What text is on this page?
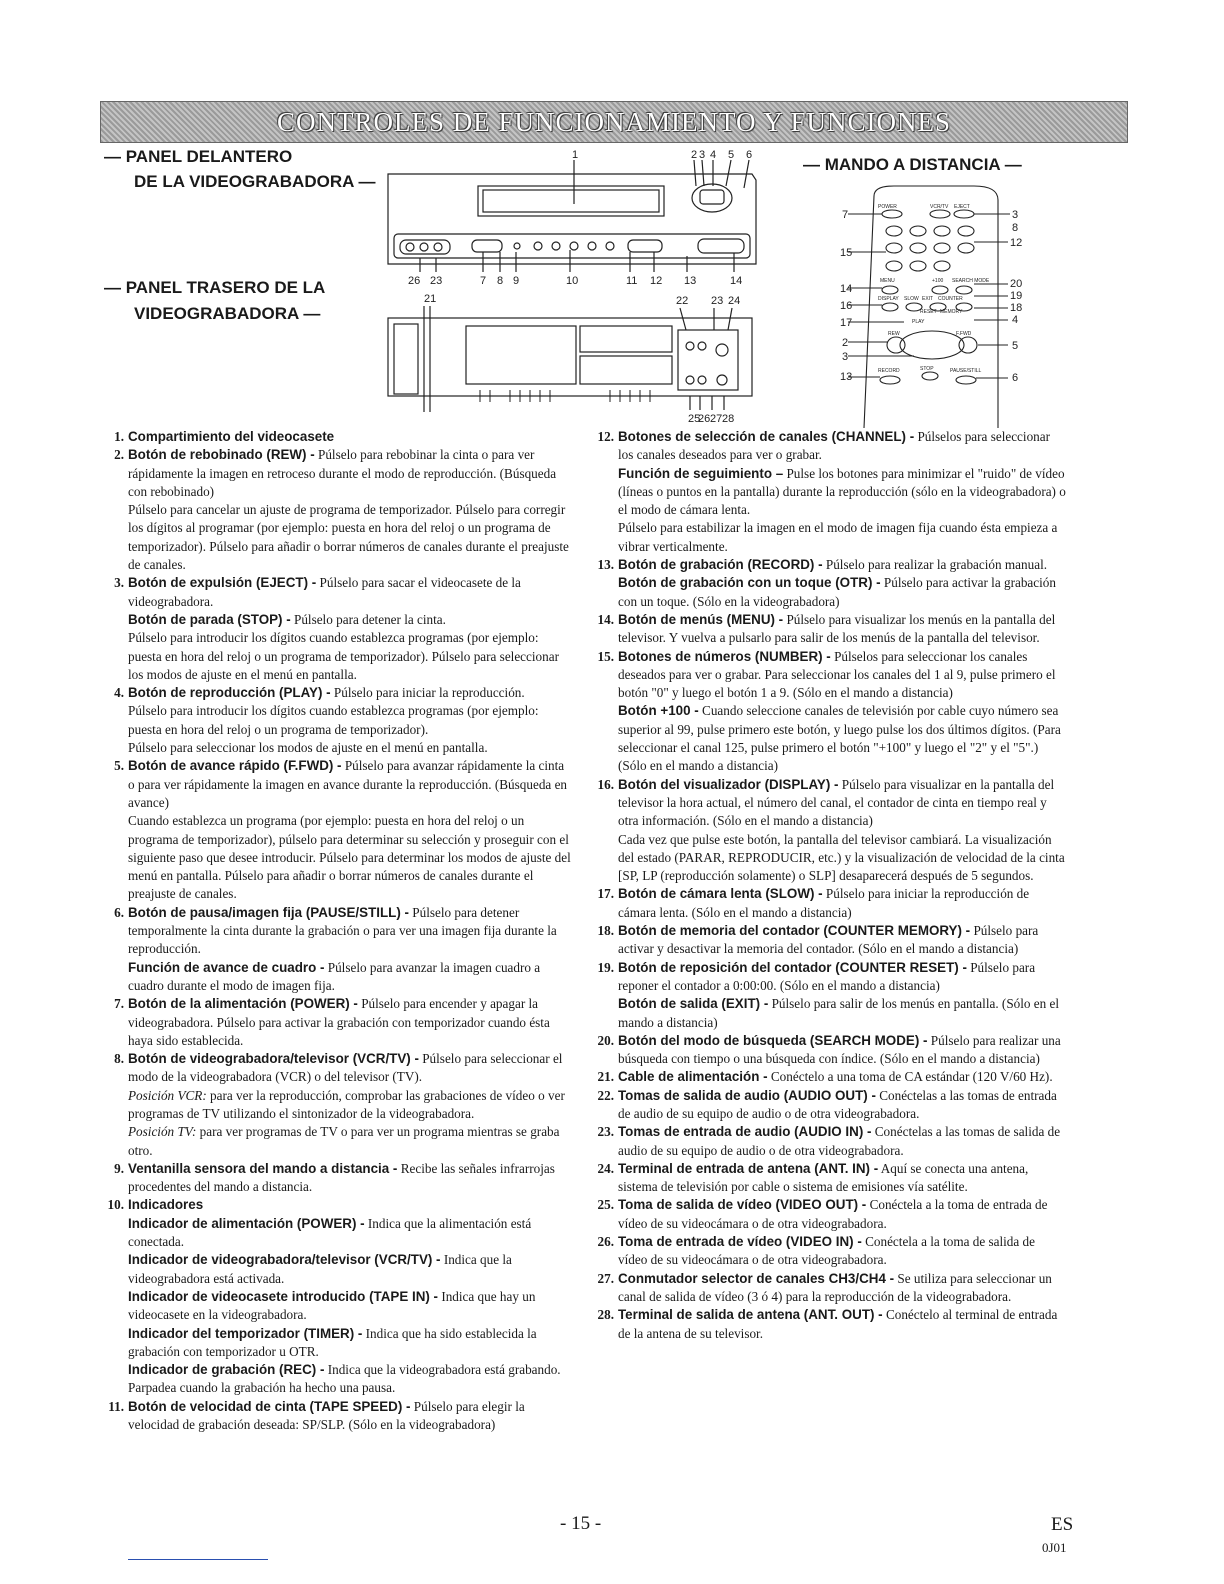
CONTROLES DE FUNCIONAMIENTO Y FUNCIONES
— PANEL DELANTERO
DE LA VIDEOGRABADORA —
— PANEL TRASERO DE LA
VIDEOGRABADORA —
— MANDO A DISTANCIA —
1	2 3 4 5 6
26 23	7 8 9	10	11 12 13	14
21	22 23 24
25
26 27 28
7
15
14
16
17
2
3
13
3
8
12
20
19
18
4
5
6
POWER	VCR/TV EJECT
MENU	+100 SEARCH MODE
DISPLAY SLOW EXIT COUNTER
RESET MEMORY
PLAY
REW	F.FWD
RECORD	STOP	PAUSE/STILL
1. Compartimiento del videocasete
2. Botón de rebobinado (REW) - Púlselo para rebobinar la cinta o para ver rápidamente la imagen en retroceso durante el modo de reproducción. (Búsqueda con rebobinado)
Púlselo para cancelar un ajuste de programa de temporizador. Púlselo para corregir los dígitos al programar (por ejemplo: puesta en hora del reloj o un programa de temporizador). Púlselo para añadir o borrar números de canales durante el preajuste de canales.
3. Botón de expulsión (EJECT) - Púlselo para sacar el videocasete de la videograbadora.
Botón de parada (STOP) - Púlselo para detener la cinta.
Púlselo para introducir los dígitos cuando establezca programas (por ejemplo: puesta en hora del reloj o un programa de temporizador). Púlselo para seleccionar los modos de ajuste en el menú en pantalla.
4. Botón de reproducción (PLAY) - Púlselo para iniciar la reproducción.
Púlselo para introducir los dígitos cuando establezca programas (por ejemplo: puesta en hora del reloj o un programa de temporizador).
Púlselo para seleccionar los modos de ajuste en el menú en pantalla.
5. Botón de avance rápido (F.FWD) - Púlselo para avanzar rápidamente la cinta o para ver rápidamente la imagen en avance durante la reproducción. (Búsqueda en avance)
Cuando establezca un programa (por ejemplo: puesta en hora del reloj o un programa de temporizador), púlselo para determinar su selección y proseguir con el siguiente paso que desee introducir. Púlselo para determinar los modos de ajuste del menú en pantalla. Púlselo para añadir o borrar números de canales durante el preajuste de canales.
6. Botón de pausa/imagen fija (PAUSE/STILL) - Púlselo para detener temporalmente la cinta durante la grabación o para ver una imagen fija durante la reproducción.
Función de avance de cuadro - Púlselo para avanzar la imagen cuadro a cuadro durante el modo de imagen fija.
7. Botón de la alimentación (POWER) - Púlselo para encender y apagar la videograbadora. Púlselo para activar la grabación con temporizador cuando ésta haya sido establecida.
8. Botón de videograbadora/televisor (VCR/TV) - Púlselo para seleccionar el modo de la videograbadora (VCR) o del televisor (TV).
Posición VCR: para ver la reproducción, comprobar las grabaciones de vídeo o ver programas de TV utilizando el sintonizador de la videograbadora.
Posición TV: para ver programas de TV o para ver un programa mientras se graba otro.
9. Ventanilla sensora del mando a distancia - Recibe las señales infrarrojas procedentes del mando a distancia.
10. Indicadores
Indicador de alimentación (POWER) - Indica que la alimentación está conectada.
Indicador de videograbadora/televisor (VCR/TV) - Indica que la videograbadora está activada.
Indicador de videocasete introducido (TAPE IN) - Indica que hay un videocasete en la videograbadora.
Indicador del temporizador (TIMER) - Indica que ha sido establecida la grabación con temporizador u OTR.
Indicador de grabación (REC) - Indica que la videograbadora está grabando. Parpadea cuando la grabación ha hecho una pausa.
11. Botón de velocidad de cinta (TAPE SPEED) - Púlselo para elegir la velocidad de grabación deseada: SP/SLP. (Sólo en la videograbadora)
12. Botones de selección de canales (CHANNEL) - Púlselos para seleccionar los canales deseados para ver o grabar.
Función de seguimiento – Pulse los botones para minimizar el "ruido" de vídeo (líneas o puntos en la pantalla) durante la reproducción (sólo en la videograbadora) o el modo de cámara lenta.
Púlselo para estabilizar la imagen en el modo de imagen fija cuando ésta empieza a vibrar verticalmente.
13. Botón de grabación (RECORD) - Púlselo para realizar la grabación manual.
Botón de grabación con un toque (OTR) - Púlselo para activar la grabación con un toque. (Sólo en la videograbadora)
14. Botón de menús (MENU) - Púlselo para visualizar los menús en la pantalla del televisor. Y vuelva a pulsarlo para salir de los menús de la pantalla del televisor.
15. Botones de números (NUMBER) - Púlselos para seleccionar los canales deseados para ver o grabar. Para seleccionar los canales del 1 al 9, pulse primero el botón "0" y luego el botón 1 a 9. (Sólo en el mando a distancia)
Botón +100 - Cuando seleccione canales de televisión por cable cuyo número sea superior al 99, pulse primero este botón, y luego pulse los dos últimos dígitos. (Para seleccionar el canal 125, pulse primero el botón "+100" y luego el "2" y el "5".) (Sólo en el mando a distancia)
16. Botón del visualizador (DISPLAY) - Púlselo para visualizar en la pantalla del televisor la hora actual, el número del canal, el contador de cinta en tiempo real y otra información. (Sólo en el mando a distancia)
Cada vez que pulse este botón, la pantalla del televisor cambiará. La visualización del estado (PARAR, REPRODUCIR, etc.) y la visualización de velocidad de la cinta [SP, LP (reproducción solamente) o SLP] desaparecerá después de 5 segundos.
17. Botón de cámara lenta (SLOW) - Púlselo para iniciar la reproducción de cámara lenta. (Sólo en el mando a distancia)
18. Botón de memoria del contador (COUNTER MEMORY) - Púlselo para activar y desactivar la memoria del contador. (Sólo en el mando a distancia)
19. Botón de reposición del contador (COUNTER RESET) - Púlselo para reponer el contador a 0:00:00. (Sólo en el mando a distancia)
Botón de salida (EXIT) - Púlselo para salir de los menús en pantalla. (Sólo en el mando a distancia)
20. Botón del modo de búsqueda (SEARCH MODE) - Púlselo para realizar una búsqueda con tiempo o una búsqueda con índice. (Sólo en el mando a distancia)
21. Cable de alimentación - Conéctelo a una toma de CA estándar (120 V/60 Hz).
22. Tomas de salida de audio (AUDIO OUT) - Conéctelas a las tomas de entrada de audio de su equipo de audio o de otra videograbadora.
23. Tomas de entrada de audio (AUDIO IN) - Conéctelas a las tomas de salida de audio de su equipo de audio o de otra videograbadora.
24. Terminal de entrada de antena (ANT. IN) - Aquí se conecta una antena, sistema de televisión por cable o sistema de emisiones vía satélite.
25. Toma de salida de vídeo (VIDEO OUT) - Conéctela a la toma de entrada de vídeo de su videocámara o de otra videograbadora.
26. Toma de entrada de vídeo (VIDEO IN) - Conéctela a la toma de salida de vídeo de su videocámara o de otra videograbadora.
27. Conmutador selector de canales CH3/CH4 - Se utiliza para seleccionar un canal de salida de vídeo (3 ó 4) para la reproducción de la videograbadora.
28. Terminal de salida de antena (ANT. OUT) - Conéctelo al terminal de entrada de la antena de su televisor.
- 15 -	ES
0J01
